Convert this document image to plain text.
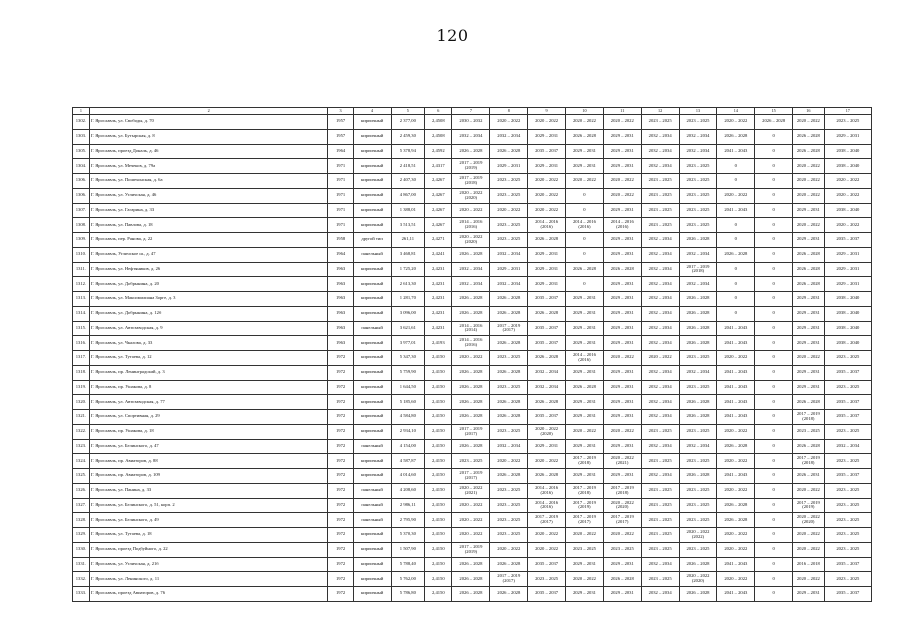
120
1	2	3	4	5	6	7	8	9	10	11	12	13	14	15	16	17
1302.	Г. Ярославль, ул. Свободы, д. 70	1957	кирпичный	2 377,00	2,4508	2030 – 2032	2020 – 2022	2020 – 2022	2020 – 2022	2020 – 2022	2023 – 2025	2023 – 2025	2020 – 2022	2026 – 2028	2020 – 2022	2023 – 2025
1303.	Г. Ярославль, ул. Бутырская, д. 8	1957	кирпичный	2 459,30	2,4508	2032 – 2034	2032 – 2034	2029 – 2031	2026 – 2028	2029 – 2031	2032 – 2034	2032 – 2034	2026 – 2028	0	2026 – 2028	2029 – 2031
1305.	Г. Ярославль, проезд Дональ, д. 46	1964	кирпичный	5 378,94	2,4592	2026 – 2028	2026 – 2028	2035 – 2037	2029 – 2031	2029 – 2031	2032 – 2034	2032 – 2034	2041 – 2043	0	2026 – 2028	2038 – 2040
1304.	Г. Ярославль, ул. Мечеков, д. 79а	1971	кирпичный	2 418,51	2,4317	2017 – 2019 (2019)	2029 – 2031	2029 – 2031	2029 – 2031	2029 – 2031	2032 – 2034	2023 – 2025	0	0	2020 – 2022	2038 – 2040
1306.	Г. Ярославль, ул. Пошехонская, д. 6а	1971	кирпичный	2 407,30	2,4267	2017 – 2019 (2018)	2023 – 2025	2020 – 2022	2020 – 2022	2020 – 2022	2023 – 2025	2023 – 2025	0	0	2020 – 2022	2020 – 2022
1306.	Г. Ярославль, ул. Угличская, д. 46	1971	кирпичный	4 867,00	2,4267	2020 – 2022 (2020)	2023 – 2025	2020 – 2022	0	2020 – 2022	2023 – 2025	2023 – 2025	2020 – 2022	0	2020 – 2022	2020 – 2022
1307.	Г. Ярославль, ул. Гагарина, д. 33	1971	кирпичный	1 388,01	2,4267	2020 – 2022	2020 – 2022	2020 – 2022	0	2029 – 2031	2023 – 2025	2023 – 2025	2041 – 2043	0	2029 – 2031	2038 – 2040
1308.	Г. Ярославль, ул. Павлова, д. 18	1971	кирпичный	3 513,51	2,4267	2014 – 2016 (2016)	2023 – 2025	2014 – 2016 (2016)	2014 – 2016 (2016)	2014 – 2016 (2016)	2023 – 2025	2023 – 2025	0	0	2020 – 2022	2020 – 2022
1309.	Г. Ярославль, пер. Ранова, д. 22	1958	другой тип	261,11	2,4271	2020 – 2022 (2020)	2023 – 2025	2026 – 2028	0	2029 – 2031	2032 – 2034	2026 – 2028	0	0	2029 – 2031	2035 – 2037
1310.	Г. Ярославль, Угличское ш., д. 47	1964	панельный	3 468,81	2,4241	2026 – 2028	2032 – 2034	2029 – 2031	0	2029 – 2031	2032 – 2034	2032 – 2034	2026 – 2028	0	2026 – 2028	2029 – 2031
1311.	Г. Ярославль, ул. Нефтяников, д. 26	1963	кирпичный	1 725,20	2,4231	2032 – 2034	2029 – 2031	2029 – 2031	2026 – 2028	2026 – 2028	2032 – 2034	2017 – 2019 (2018)	0	0	2026 – 2028	2029 – 2031
1312.	Г. Ярославль, ул. Добрынина, д. 20	1963	кирпичный	2 613,30	2,4231	2032 – 2034	2032 – 2034	2029 – 2031	0	2029 – 2031	2032 – 2034	2032 – 2034	0	0	2026 – 2028	2029 – 2031
1313.	Г. Ярославль, ул. Максимилиана Зорге, д. 3	1963	кирпичный	1 281,70	2,4231	2026 – 2028	2026 – 2028	2035 – 2037	2029 – 2031	2029 – 2031	2032 – 2034	2026 – 2028	0	0	2029 – 2031	2038 – 2040
1314.	Г. Ярославль, ул. Добрынина, д. 12б	1963	кирпичный	3 096,00	2,4231	2026 – 2028	2026 – 2028	2026 – 2028	2029 – 2031	2029 – 2031	2032 – 2034	2026 – 2028	0	0	2029 – 2031	2038 – 2040
1315.	Г. Ярославль, ул. Автозаводская, д. 9	1963	панельный	3 621,61	2,4231	2014 – 2016 (2014)	2017 – 2019 (2017)	2035 – 2037	2029 – 2031	2029 – 2031	2032 – 2034	2026 – 2028	2041 – 2043	0	2029 – 2031	2038 – 2040
1316.	Г. Ярославль, ул. Чкалова, д. 33	1963	кирпичный	3 977,01	2,4193	2014 – 2016 (2016)	2026 – 2028	2035 – 2037	2029 – 2031	2029 – 2031	2032 – 2034	2026 – 2028	2041 – 2043	0	2029 – 2031	2038 – 2040
1317.	Г. Ярославль, ул. Тутаева, д. 12	1972	кирпичный	5 347,30	2,4150	2020 – 2022	2023 – 2025	2026 – 2028	2014 – 2016 (2016)	2020 – 2022	2020 – 2022	2023 – 2025	2020 – 2022	0	2020 – 2022	2023 – 2025
1318.	Г. Ярославль, пр. Ленинградский, д. 3	1972	кирпичный	5 759,90	2,4150	2026 – 2028	2026 – 2028	2032 – 2034	2029 – 2031	2029 – 2031	2032 – 2034	2032 – 2034	2041 – 2043	0	2029 – 2031	2035 – 2037
1319.	Г. Ярославль, пр. Ушакова, д. 8	1972	кирпичный	1 644,50	2,4150	2026 – 2028	2023 – 2025	2032 – 2034	2026 – 2028	2029 – 2031	2032 – 2034	2023 – 2025	2041 – 2043	0	2029 – 2031	2023 – 2025
1320.	Г. Ярославль, ул. Автозаводская, д. 77	1972	кирпичный	5 185,60	2,4150	2026 – 2028	2026 – 2028	2026 – 2028	2029 – 2031	2029 – 2031	2032 – 2034	2026 – 2028	2041 – 2043	0	2026 – 2028	2035 – 2037
1321.	Г. Ярославль, ул. Спортивная, д. 29	1972	кирпичный	4 584,80	2,4150	2026 – 2028	2026 – 2028	2035 – 2037	2029 – 2031	2029 – 2031	2032 – 2034	2026 – 2028	2041 – 2043	0	2017 – 2019 (2018)	2035 – 2037
1322.	Г. Ярославль, пр. Ушакова, д. 18	1972	кирпичный	2 934,10	2,4150	2017 – 2019 (2017)	2023 – 2025	2020 – 2022 (2020)	2020 – 2022	2020 – 2022	2023 – 2025	2023 – 2025	2020 – 2022	0	2023 – 2025	2023 – 2025
1323.	Г. Ярославль, ул. Белинского, д. 47	1972	панельный	4 154,00	2,4150	2026 – 2028	2032 – 2034	2029 – 2031	2029 – 2031	2029 – 2031	2032 – 2034	2032 – 2034	2026 – 2028	0	2026 – 2028	2032 – 2034
1324.	Г. Ярославль, пр. Авиаторов, д. 88	1972	кирпичный	4 587,87	2,4150	2023 – 2025	2020 – 2022	2020 – 2022	2017 – 2019 (2018)	2020 – 2022 (2021)	2023 – 2025	2023 – 2025	2020 – 2022	0	2017 – 2019 (2018)	2023 – 2025
1325.	Г. Ярославль, пр. Авиаторов, д. 109	1972	кирпичный	4 014,60	2,4150	2017 – 2019 (2017)	2026 – 2028	2026 – 2028	2029 – 2031	2029 – 2031	2032 – 2034	2026 – 2028	2041 – 2043	0	2026 – 2031	2035 – 2037
1326.	Г. Ярославль, ул. Панина, д. 33	1972	панельный	4 208,60	2,4150	2020 – 2022 (2021)	2023 – 2025	2014 – 2016 (2016)	2017 – 2019 (2018)	2017 – 2019 (2018)	2023 – 2025	2023 – 2025	2020 – 2022	0	2020 – 2022	2023 – 2025
1327.	Г. Ярославль, ул. Белинского, д. 51, корп. 2	1972	панельный	2 986,11	2,4150	2020 – 2022	2023 – 2025	2014 – 2016 (2016)	2017 – 2019 (2019)	2020 – 2022 (2020)	2023 – 2025	2023 – 2025	2026 – 2028	0	2017 – 2019 (2019)	2023 – 2025
1328.	Г. Ярославль, ул. Белинского, д. 49	1972	панельный	2 795,90	2,4150	2020 – 2022	2023 – 2025	2017 – 2019 (2017)	2017 – 2019 (2017)	2017 – 2019 (2017)	2023 – 2025	2023 – 2025	2026 – 2028	0	2020 – 2022 (2020)	2023 – 2025
1329.	Г. Ярославль, ул. Тутаева, д. 18	1972	кирпичный	5 370,30	2,4150	2020 – 2022	2023 – 2025	2020 – 2022	2020 – 2022	2020 – 2022	2023 – 2025	2020 – 2022 (2022)	2020 – 2022	0	2020 – 2022	2023 – 2025
1330.	Г. Ярославль, проезд Подбуйного, д. 22	1972	кирпичный	1 507,90	2,4150	2017 – 2019 (2019)	2020 – 2022	2020 – 2022	2023 – 2025	2023 – 2025	2023 – 2025	2023 – 2025	2020 – 2022	0	2020 – 2022	2023 – 2025
1331.	Г. Ярославль, ул. Угличская, д. 21б	1972	кирпичный	5 788,40	2,4150	2026 – 2028	2026 – 2028	2035 – 2037	2029 – 2031	2029 – 2031	2032 – 2034	2026 – 2028	2041 – 2043	0	2016 – 2018	2035 – 2037
1332.	Г. Ярославль, ул. Ленинского, д. 11	1972	кирпичный	5 762,00	2,4150	2026 – 2028	2017 – 2019 (2017)	2023 – 2025	2020 – 2022	2026 – 2028	2023 – 2025	2020 – 2022 (2020)	2020 – 2022	0	2020 – 2022	2023 – 2025
1333.	Г. Ярославль, проезд Авиаторов, д. 76	1972	кирпичный	5 786,80	2,4150	2026 – 2028	2026 – 2028	2035 – 2037	2029 – 2031	2029 – 2031	2032 – 2034	2026 – 2028	2041 – 2043	0	2029 – 2031	2035 – 2037
